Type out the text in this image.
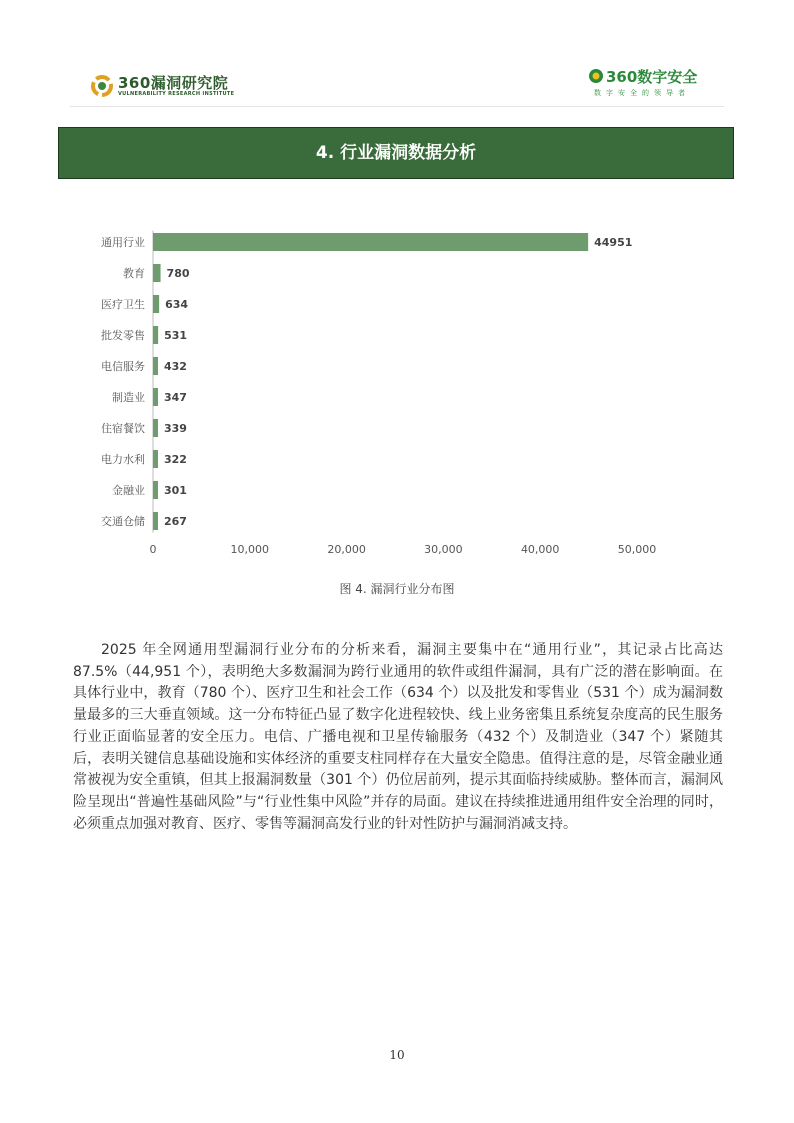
360漏洞研究院
VULNERABILITY RESEARCH INSTITUTE
360数字安全
数字安全的领导者
4. 行业漏洞数据分析
通用行业	44951
教育 780
医疗卫生 634
批发零售 531
电信服务 432
制造业 347
住宿餐饮 339
电力水利 322
金融业 301
交通仓储 267
0	10,000	20,000	30,000	40,000	50,000
图 4. 漏洞行业分布图
2025 年全网通用型漏洞行业分布的分析来看，漏洞主要集中在“通用行业”，其记录占比高达 87.5%（44,951 个），表明绝大多数漏洞为跨行业通用的软件或组件漏洞，具有广泛的潜在影响面。在具体行业中，教育（780 个）、医疗卫生和社会工作（634 个）以及批发和零售业（531 个）成为漏洞数量最多的三大垂直领域。这一分布特征凸显了数字化进程较快、线上业务密集且系统复杂度高的民生服务行业正面临显著的安全压力。电信、广播电视和卫星传输服务（432 个）及制造业（347 个）紧随其后，表明关键信息基础设施和实体经济的重要支柱同样存在大量安全隐患。值得注意的是，尽管金融业通常被视为安全重镇，但其上报漏洞数量（301 个）仍位居前列，提示其面临持续威胁。整体而言，漏洞风险呈现出“普遍性基础风险”与“行业性集中风险”并存的局面。建议在持续推进通用组件安全治理的同时，必须重点加强对教育、医疗、零售等漏洞高发行业的针对性防护与漏洞消减支持。
10
